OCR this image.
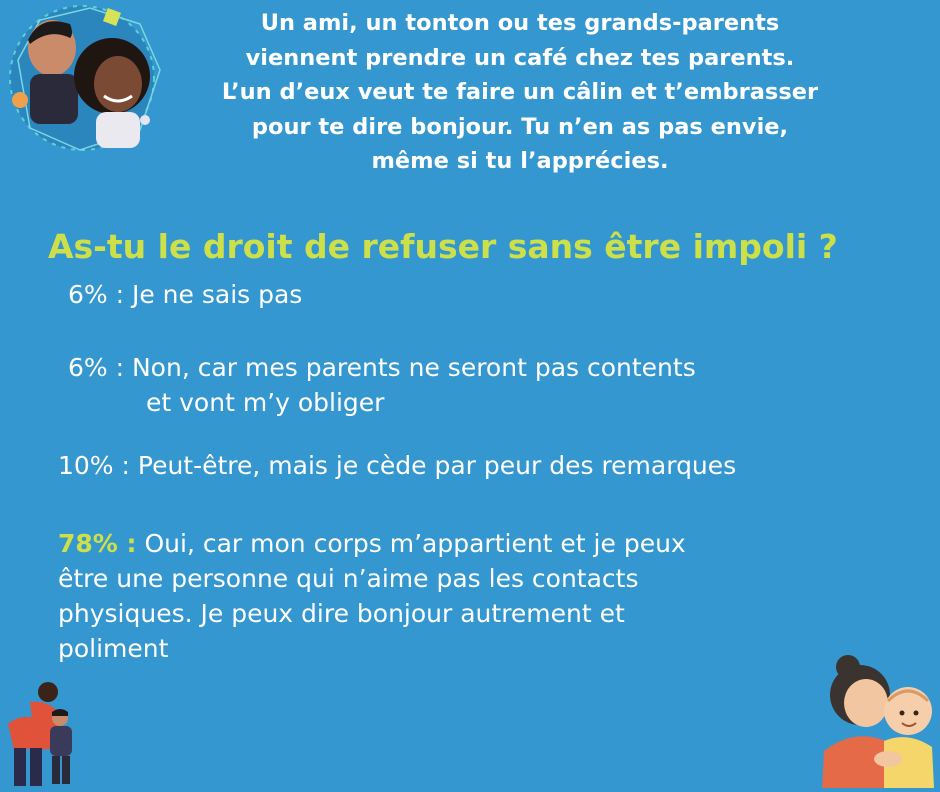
Un ami, un tonton ou tes grands-parents
viennent prendre un café chez tes parents.
L’un d’eux veut te faire un câlin et t’embrasser
pour te dire bonjour. Tu n’en as pas envie,
même si tu l’apprécies.
As-tu le droit de refuser sans être impoli ?
6% : Je ne sais pas
6% : Non, car mes parents ne seront pas contents
et vont m’y obliger
10% : Peut-être, mais je cède par peur des remarques
78% : Oui, car mon corps m’appartient et je peux
être une personne qui n’aime pas les contacts
physiques. Je peux dire bonjour autrement et
poliment
